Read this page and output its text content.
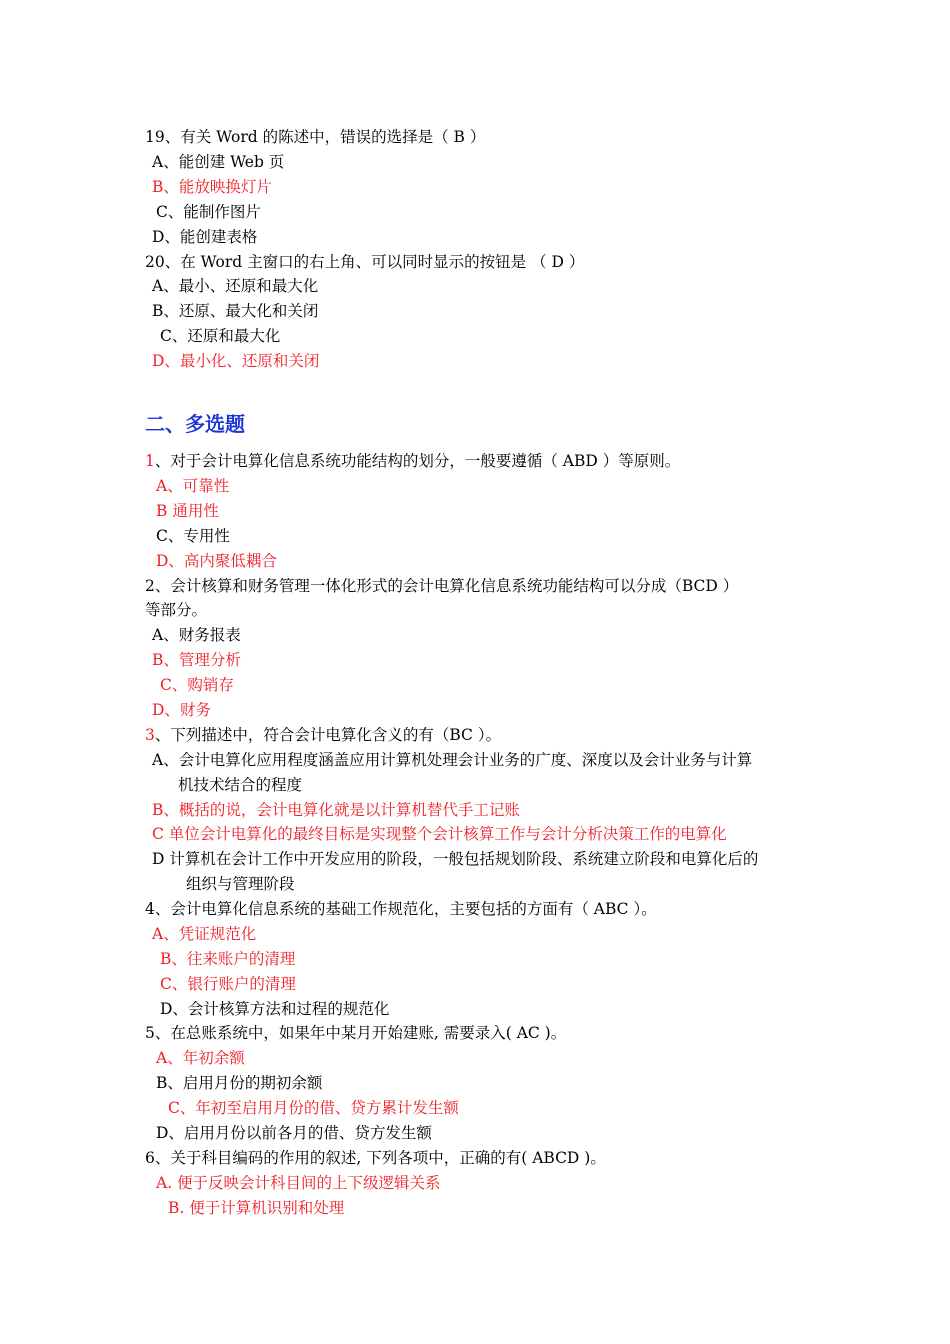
19、有关 Word 的陈述中，错误的选择是（ B ）
A、能创建 Web 页
B、能放映换灯片
C、能制作图片
D、能创建表格
20、在 Word 主窗口的右上角、可以同时显示的按钮是 （ D ）
A、最小、还原和最大化
B、还原、最大化和关闭
C、还原和最大化
D、最小化、还原和关闭
二、多选题
1、对于会计电算化信息系统功能结构的划分，一般要遵循（ ABD ）等原则。
A、可靠性
B 通用性
C、专用性
D、高内聚低耦合
2、会计核算和财务管理一体化形式的会计电算化信息系统功能结构可以分成（BCD ）
等部分。
A、财务报表
B、管理分析
C、购销存
D、财务
3、下列描述中，符合会计电算化含义的有（BC ）。
A、会计电算化应用程度涵盖应用计算机处理会计业务的广度、深度以及会计业务与计算
机技术结合的程度
B、概括的说，会计电算化就是以计算机替代手工记账
C 单位会计电算化的最终目标是实现整个会计核算工作与会计分析决策工作的电算化
D 计算机在会计工作中开发应用的阶段，一般包括规划阶段、系统建立阶段和电算化后的
组织与管理阶段
4、会计电算化信息系统的基础工作规范化，主要包括的方面有（ ABC ）。
A、凭证规范化
B、往来账户的清理
C、银行账户的清理
D、会计核算方法和过程的规范化
5、在总账系统中，如果年中某月开始建账, 需要录入( AC )。
A、年初余额
B、启用月份的期初余额
C、年初至启用月份的借、贷方累计发生额
D、启用月份以前各月的借、贷方发生额
6、关于科目编码的作用的叙述, 下列各项中，正确的有( ABCD )。
A. 便于反映会计科目间的上下级逻辑关系
B. 便于计算机识别和处理
